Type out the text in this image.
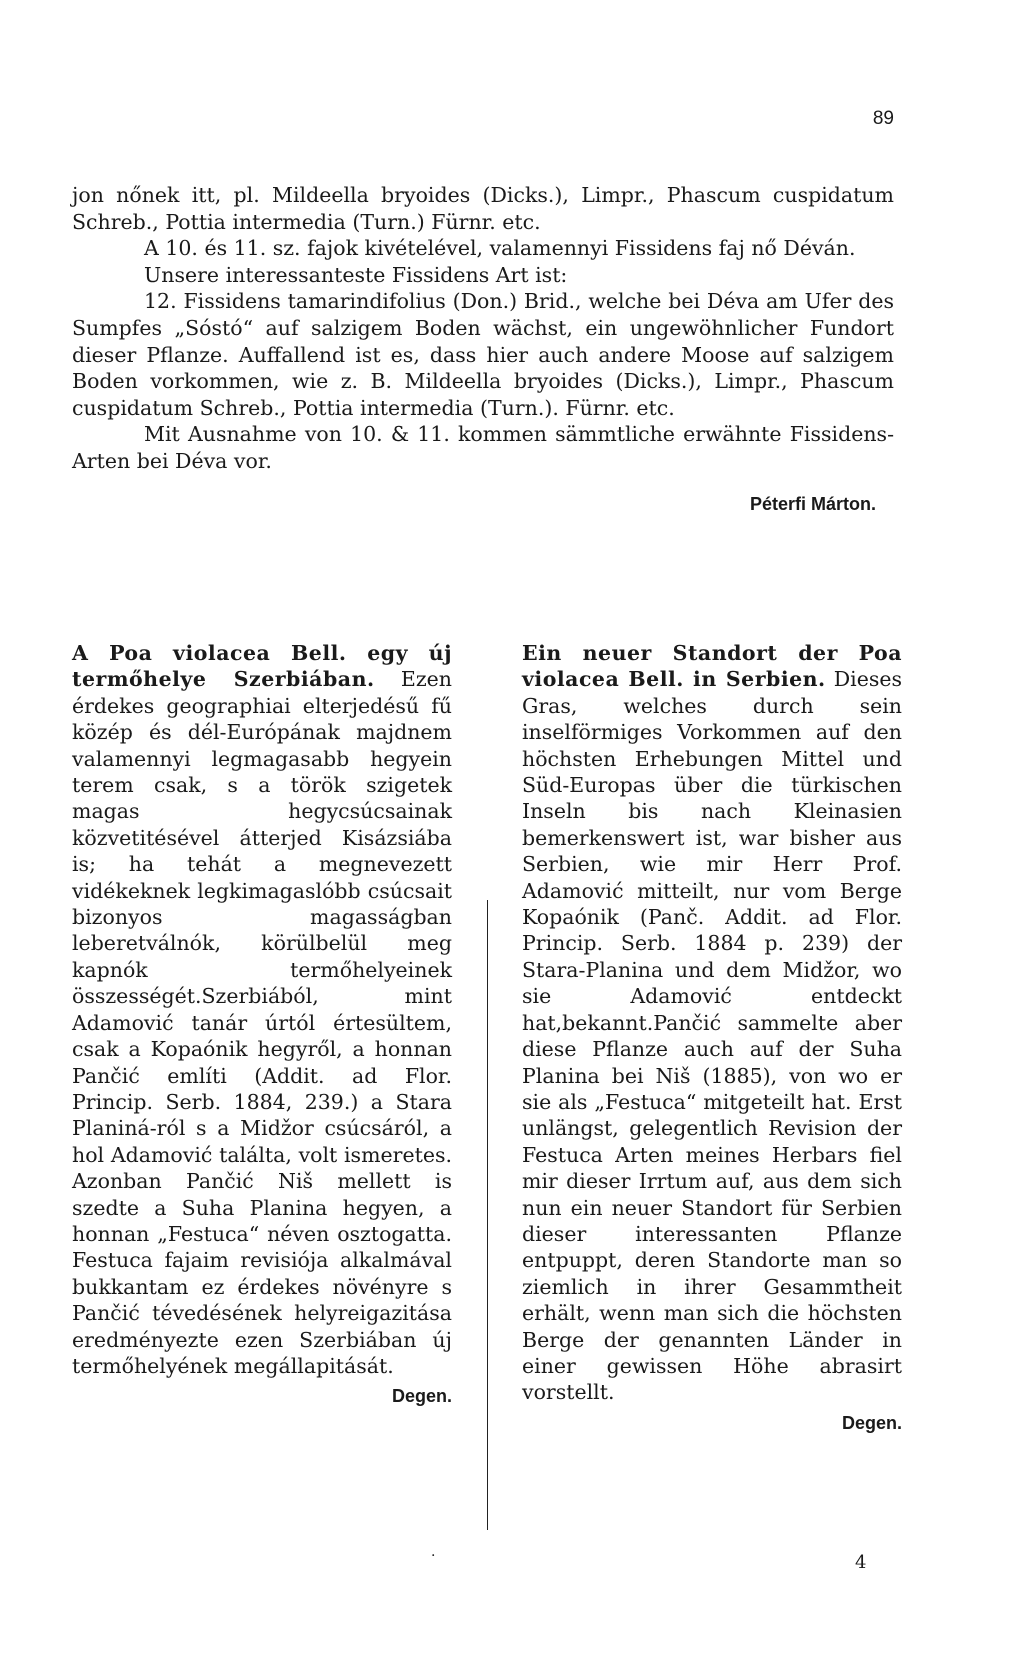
89

jon nőnek itt, pl. Mildeella bryoides (Dicks.), Limpr., Phascum cuspidatum Schreb., Pottia intermedia (Turn.) Fürnr. etc.

A 10. és 11. sz. fajok kivételével, valamennyi Fissidens faj nő Déván.

Unsere interessanteste Fissidens Art ist:

12. Fissidens tamarindifolius (Don.) Brid., welche bei Déva am Ufer des Sumpfes „Sóstó“ auf salzigem Boden wächst, ein ungewöhnlicher Fundort dieser Pflanze. Auffallend ist es, dass hier auch andere Moose auf salzigem Boden vorkommen, wie z. B. Mildeella bryoides (Dicks.), Limpr., Phascum cuspidatum Schreb., Pottia intermedia (Turn.). Fürnr. etc.

Mit Ausnahme von 10. & 11. kommen sämmtliche erwähnte Fissidens-Arten bei Déva vor.

Péterfi Márton.

A Poa violacea Bell. egy új termőhelye Szerbiában. Ezen érdekes geographiai elterjedésű fű közép és dél-Európának majdnem valamennyi legmagasabb hegyein terem csak, s a török szigetek magas hegycsúcsainak közvetitésével átterjed Kisázsiába is; ha tehát a megnevezett vidékeknek legkimagaslóbb csúcsait bizonyos magasságban leberetválnók, körülbelül meg kapnók termőhelyeinek összességét.Szerbiából, mint Adamović tanár úrtól értesültem, csak a Kopaónik hegyről, a honnan Pančić említi (Addit. ad Flor. Princip. Serb. 1884, 239.) a Stara Planiná-ról s a Midžor csúcsáról, a hol Adamović találta, volt ismeretes. Azonban Pančić Niš mellett is szedte a Suha Planina hegyen, a honnan „Festuca“ néven osztogatta. Festuca fajaim revisiója alkalmával bukkantam ez érdekes növényre s Pančić tévedésének helyreigazitása eredményezte ezen Szerbiában új termőhelyének megállapitását.

Degen.

Ein neuer Standort der Poa violacea Bell. in Serbien. Dieses Gras, welches durch sein inselförmiges Vorkommen auf den höchsten Erhebungen Mittel und Süd-Europas über die türkischen Inseln bis nach Kleinasien bemerkenswert ist, war bisher aus Serbien, wie mir Herr Prof. Adamović mitteilt, nur vom Berge Kopaónik (Panč. Addit. ad Flor. Princip. Serb. 1884 p. 239) der Stara-Planina und dem Midžor, wo sie Adamović entdeckt hat,bekannt.Pančić sammelte aber diese Pflanze auch auf der Suha Planina bei Niš (1885), von wo er sie als „Festuca“ mitgeteilt hat. Erst unlängst, gelegentlich Revision der Festuca Arten meines Herbars fiel mir dieser Irrtum auf, aus dem sich nun ein neuer Standort für Serbien dieser interessanten Pflanze entpuppt, deren Standorte man so ziemlich in ihrer Gesammtheit erhält, wenn man sich die höchsten Berge der genannten Länder in einer gewissen Höhe abrasirt vorstellt.

Degen.
·	4
